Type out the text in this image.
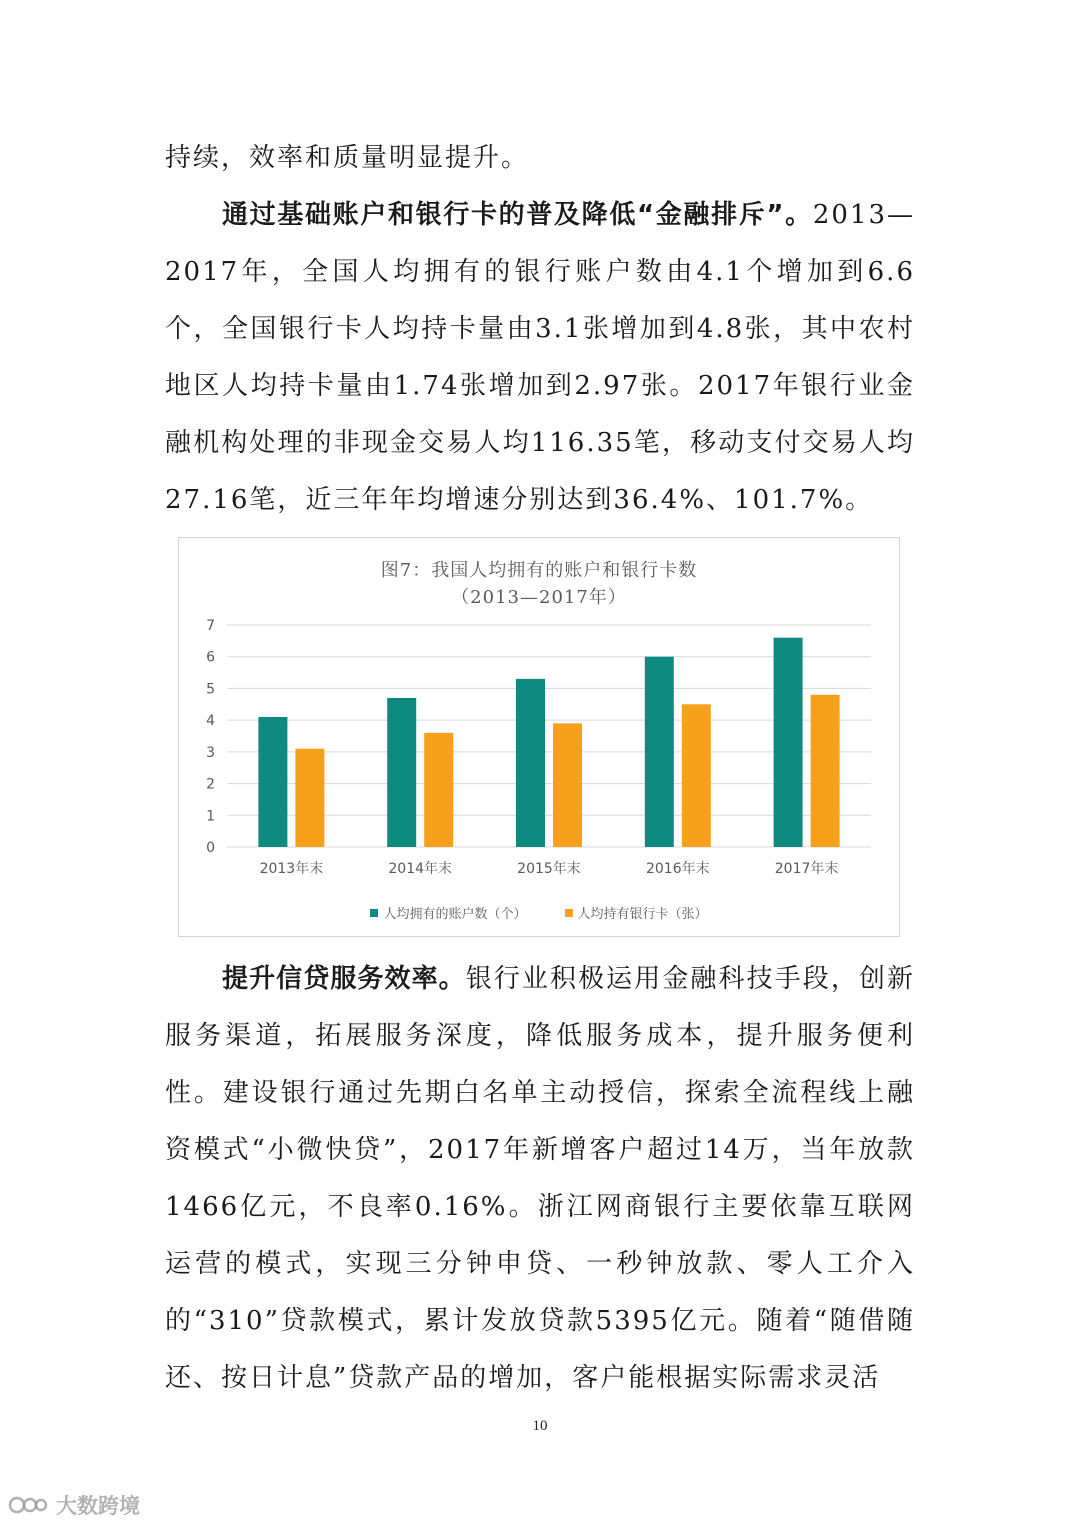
持续，效率和质量明显提升。

通过基础账户和银行卡的普及降低“金融排斥”。2013—2017年，全国人均拥有的银行账户数由4.1个增加到6.6个，全国银行卡人均持卡量由3.1张增加到4.8张，其中农村地区人均持卡量由1.74张增加到2.97张。2017年银行业金融机构处理的非现金交易人均116.35笔，移动支付交易人均27.16笔，近三年年均增速分别达到36.4%、101.7%。

0
1
2
3
4
5
6
7
2013年末	2014年末	2015年末	2016年末	2017年末
图7：我国人均拥有的账户和银行卡数
（2013—2017年）
人均拥有的账户数（个）	人均持有银行卡（张）

提升信贷服务效率。银行业积极运用金融科技手段，创新服务渠道，拓展服务深度，降低服务成本，提升服务便利性。建设银行通过先期白名单主动授信，探索全流程线上融资模式“小微快贷”，2017年新增客户超过14万，当年放款1466亿元，不良率0.16%。浙江网商银行主要依靠互联网运营的模式，实现三分钟申贷、一秒钟放款、零人工介入的“310”贷款模式，累计发放贷款5395亿元。随着“随借随还、按日计息”贷款产品的增加，客户能根据实际需求灵活

10
大数跨境
